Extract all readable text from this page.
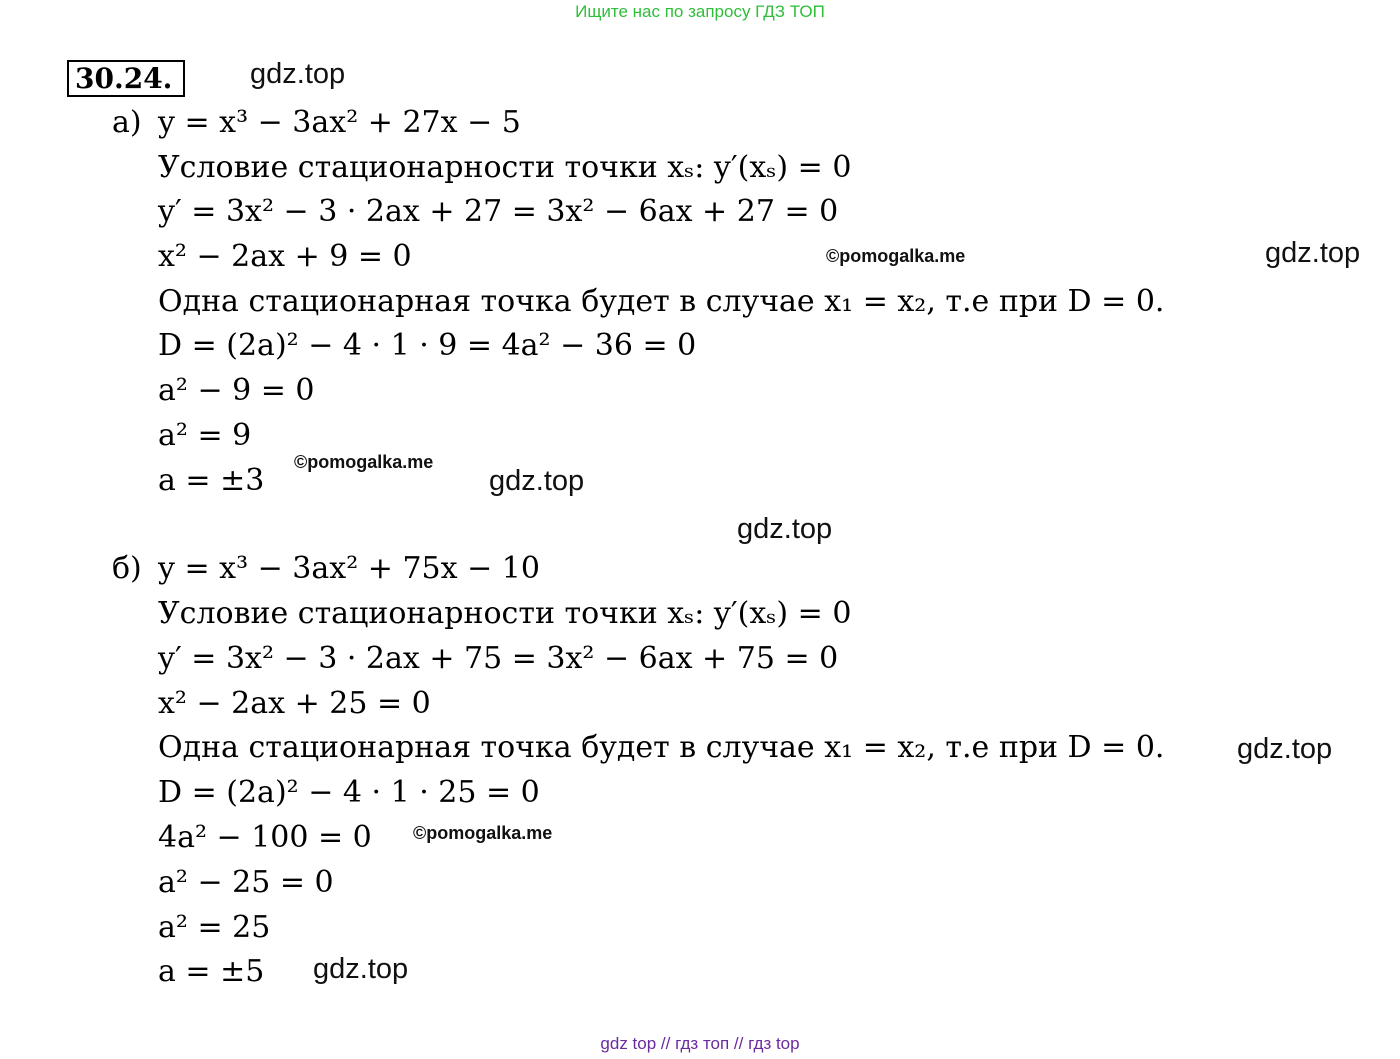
Ищите нас по запросу ГДЗ ТОП
30.24.	gdz.top
gdz.top
gdz.top
gdz.top
gdz.top
gdz.top
©pomogalka.me
©pomogalka.me
©pomogalka.me
а) y = x³ − 3ax² + 27x − 5
Условие стационарности точки xₛ: y′(xₛ) = 0
y′ = 3x² − 3 · 2ax + 27 = 3x² − 6ax + 27 = 0
x² − 2ax + 9 = 0
Одна стационарная точка будет в случае x₁ = x₂, т.е при D = 0.
D = (2a)² − 4 · 1 · 9 = 4a² − 36 = 0
a² − 9 = 0
a² = 9
a = ±3
б) y = x³ − 3ax² + 75x − 10
Условие стационарности точки xₛ: y′(xₛ) = 0
y′ = 3x² − 3 · 2ax + 75 = 3x² − 6ax + 75 = 0
x² − 2ax + 25 = 0
Одна стационарная точка будет в случае x₁ = x₂, т.е при D = 0.
D = (2a)² − 4 · 1 · 25 = 0
4a² − 100 = 0
a² − 25 = 0
a² = 25
a = ±5
gdz top // гдз топ // гдз top
